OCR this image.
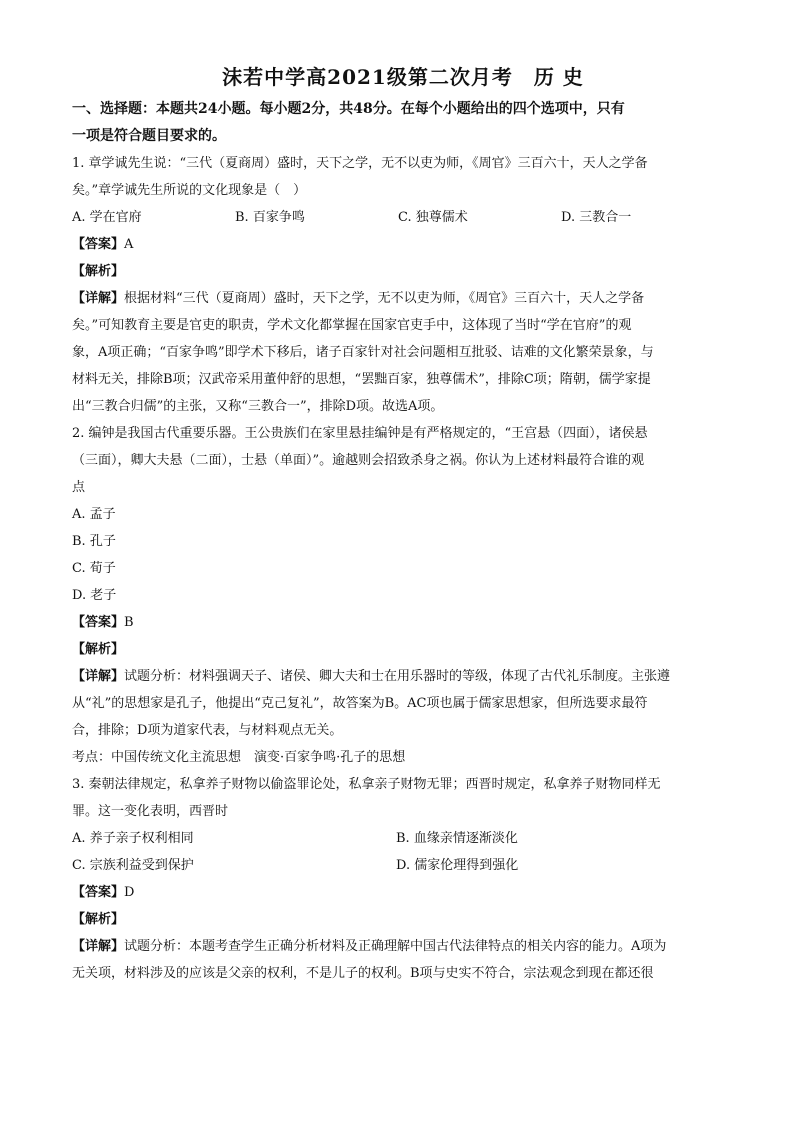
沫若中学高2021级第二次月考　历 史

一、选择题：本题共24小题。每小题2分，共48分。在每个小题给出的四个选项中，只有

一项是符合题目要求的。

1. 章学诚先生说：“三代（夏商周）盛时，天下之学，无不以吏为师，《周官》三百六十，天人之学备

矣。”章学诚先生所说的文化现象是（　）

A. 学在官府	B. 百家争鸣	C. 独尊儒术	D. 三教合一

【答案】A

【解析】

【详解】根据材料“三代（夏商周）盛时，天下之学，无不以吏为师，《周官》三百六十，天人之学备

矣。”可知教育主要是官吏的职责，学术文化都掌握在国家官吏手中，这体现了当时“学在官府”的观

象，A项正确；“百家争鸣”即学术下移后，诸子百家针对社会问题相互批驳、诘难的文化繁荣景象，与

材料无关，排除B项；汉武帝采用董仲舒的思想，“罢黜百家，独尊儒术”，排除C项；隋朝，儒学家提

出“三教合归儒”的主张，又称“三教合一”，排除D项。故选A项。

2. 编钟是我国古代重要乐器。王公贵族们在家里悬挂编钟是有严格规定的，“王宫悬（四面），诸侯悬

（三面），卿大夫悬（二面），士悬（单面）”。逾越则会招致杀身之祸。你认为上述材料最符合谁的观

点

A. 孟子

B. 孔子

C. 荀子

D. 老子

【答案】B

【解析】

【详解】试题分析：材料强调天子、诸侯、卿大夫和士在用乐器时的等级，体现了古代礼乐制度。主张遵

从“礼”的思想家是孔子，他提出“克己复礼”，故答案为B。AC项也属于儒家思想家，但所选要求最符

合，排除；D项为道家代表，与材料观点无关。

考点：中国传统文化主流思想　演变·百家争鸣·孔子的思想

3. 秦朝法律规定，私拿养子财物以偷盗罪论处，私拿亲子财物无罪；西晋时规定，私拿养子财物同样无

罪。这一变化表明，西晋时

A. 养子亲子权利相同	B. 血缘亲情逐渐淡化
C. 宗族利益受到保护	D. 儒家伦理得到强化

【答案】D

【解析】

【详解】试题分析：本题考查学生正确分析材料及正确理解中国古代法律特点的相关内容的能力。A项为

无关项，材料涉及的应该是父亲的权利，不是儿子的权利。B项与史实不符合，宗法观念到现在都还很
